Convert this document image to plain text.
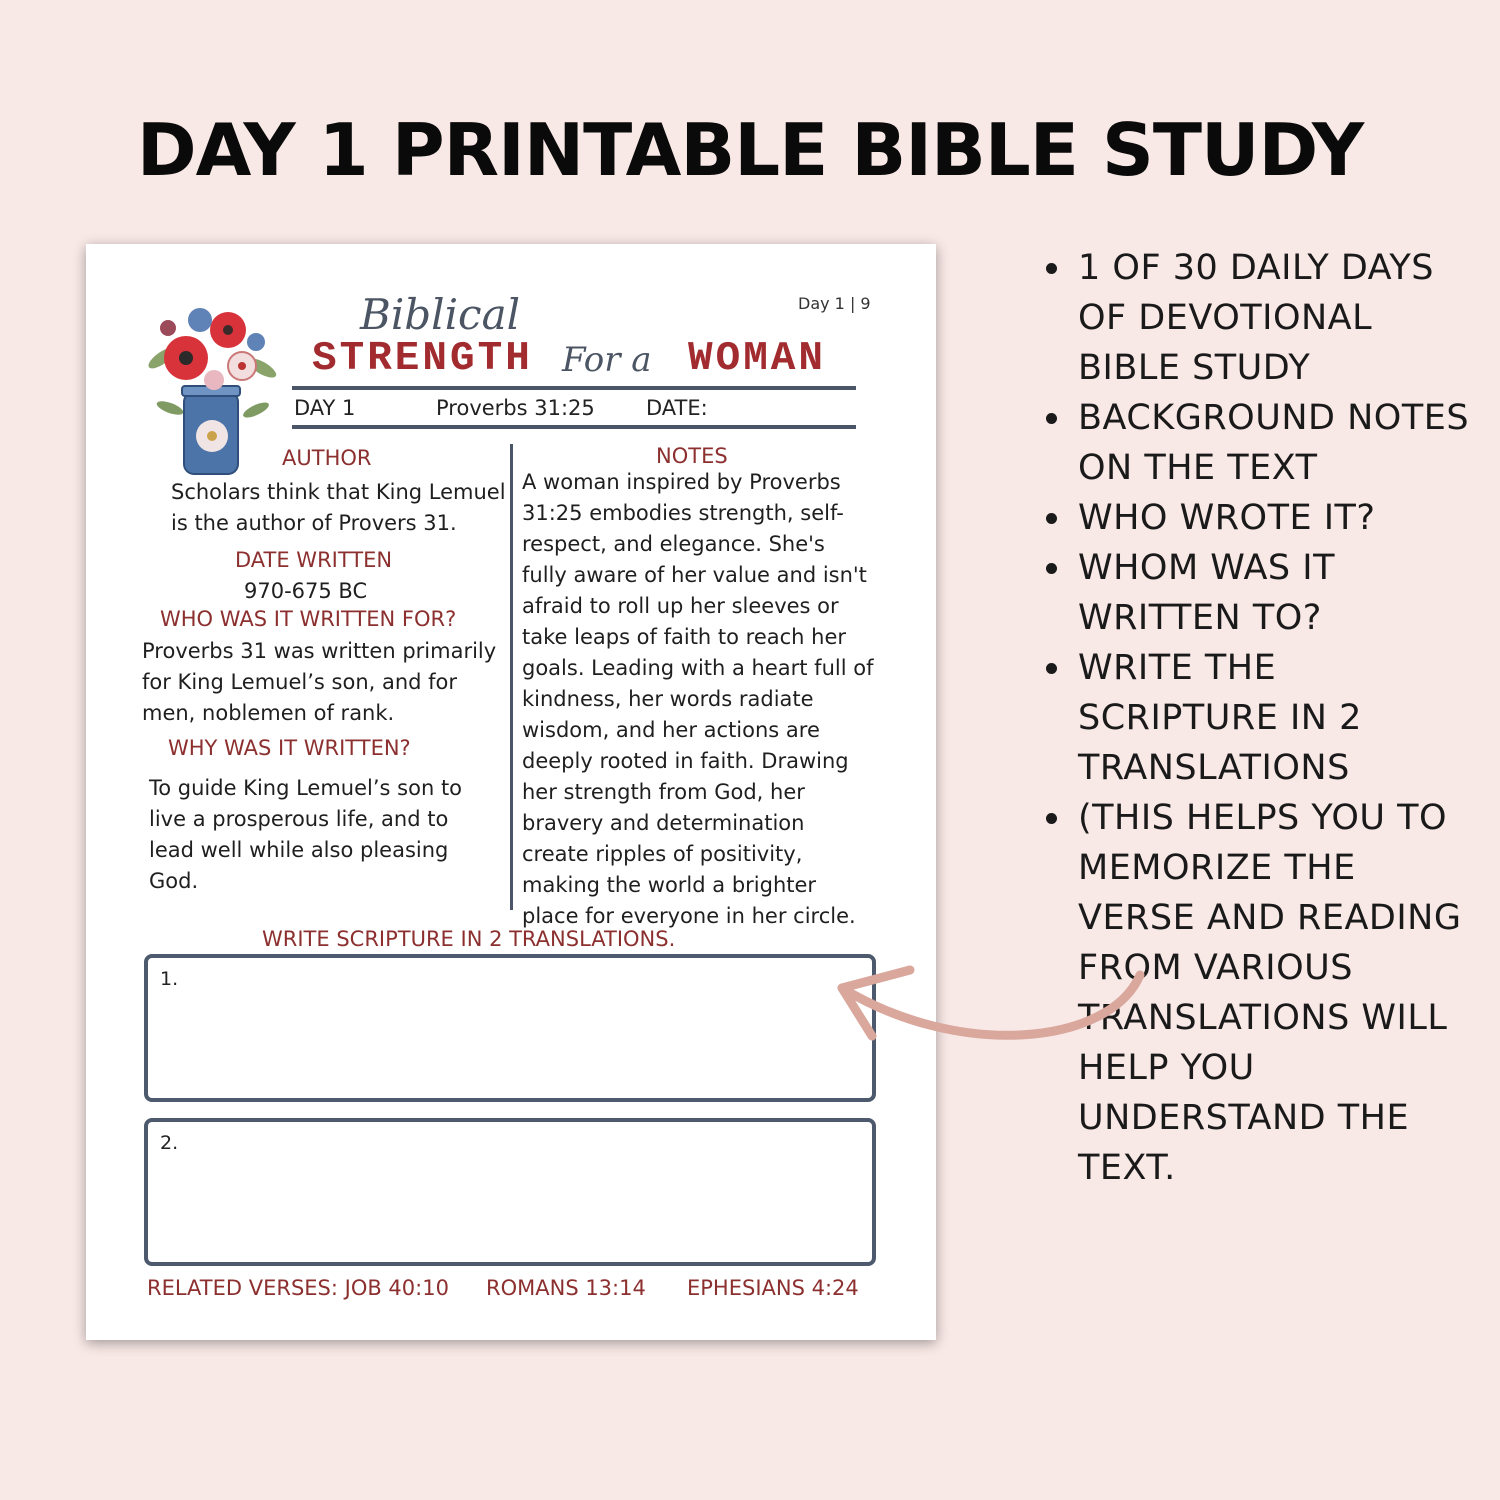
DAY 1 PRINTABLE BIBLE STUDY
Day 1 | 9
Biblical
STRENGTH For a WOMAN
DAY 1	Proverbs 31:25 DATE:
AUTHOR
Scholars think that King Lemuel is the author of Provers 31.
DATE WRITTEN
970-675 BC
WHO WAS IT WRITTEN FOR?
Proverbs 31 was written primarily for King Lemuel’s son, and for men, noblemen of rank.
WHY WAS IT WRITTEN?
To guide King Lemuel’s son to live a prosperous life, and to lead well while also pleasing God.
NOTES
A woman inspired by Proverbs 31:25 embodies strength, self-respect, and elegance. She's fully aware of her value and isn't afraid to roll up her sleeves or take leaps of faith to reach her goals. Leading with a heart full of kindness, her words radiate wisdom, and her actions are deeply rooted in faith. Drawing her strength from God, her bravery and determination create ripples of positivity, making the world a brighter place for everyone in her circle.
WRITE SCRIPTURE IN 2 TRANSLATIONS.
1.
2.
RELATED VERSES: JOB 40:10 ROMANS 13:14 EPHESIANS 4:24
1 OF 30 DAILY DAYS OF DEVOTIONAL BIBLE STUDY
BACKGROUND NOTES ON THE TEXT
WHO WROTE IT?
WHOM WAS IT WRITTEN TO?
WRITE THE SCRIPTURE IN 2 TRANSLATIONS
(THIS HELPS YOU TO MEMORIZE THE VERSE AND READING FROM VARIOUS TRANSLATIONS WILL HELP YOU UNDERSTAND THE TEXT.
